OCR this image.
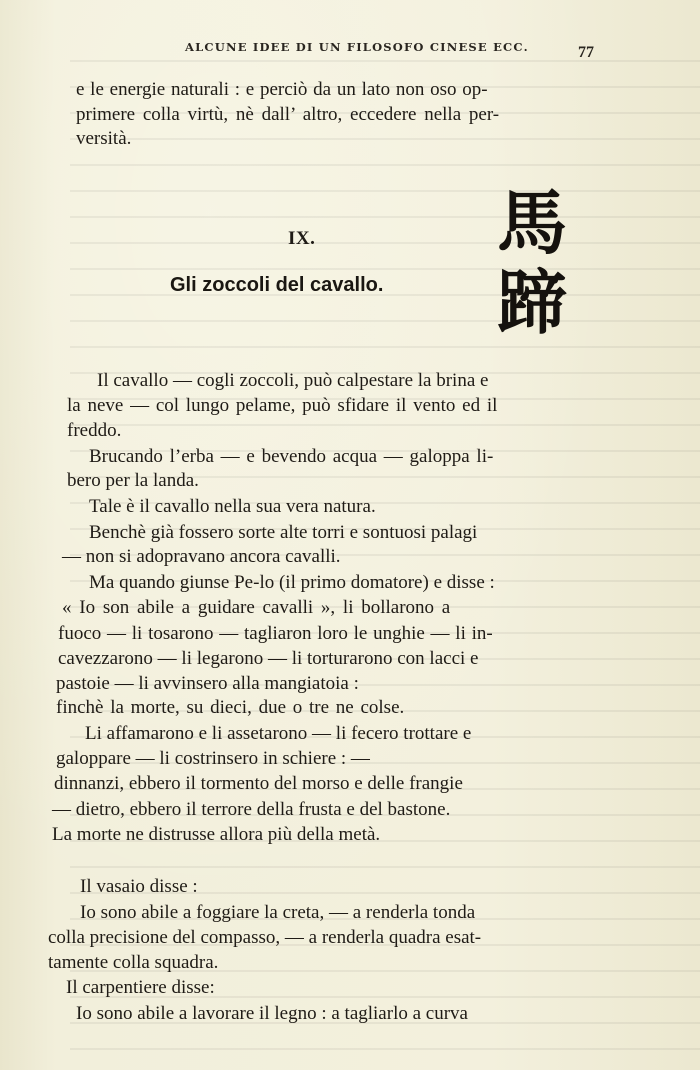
ALCUNE IDEE DI UN FILOSOFO CINESE ECC.	77
e le energie naturali : e perciò da un lato non oso op-
primere colla virtù, nè dall’ altro, eccedere nella per-
versità.
IX.
Gli zoccoli del cavallo.
馬
蹄
Il cavallo — cogli zoccoli, può calpestare la brina e
la neve — col lungo pelame, può sfidare il vento ed il
freddo.
Brucando l’erba — e bevendo acqua — galoppa li-
bero per la landa.
Tale è il cavallo nella sua vera natura.
Benchè già fossero sorte alte torri e sontuosi palagi
— non si adopravano ancora cavalli.
Ma quando giunse Pe-lo (il primo domatore) e disse :
« Io son abile a guidare cavalli », li bollarono a
fuoco — li tosarono — tagliaron loro le unghie — li in-
cavezzarono — li legarono — li torturarono con lacci e
pastoie — li avvinsero alla mangiatoia :
finchè la morte, su dieci, due o tre ne colse.
Li affamarono e li assetarono — li fecero trottare e
galoppare — li costrinsero in schiere : —
dinnanzi, ebbero il tormento del morso e delle frangie
— dietro, ebbero il terrore della frusta e del bastone.
La morte ne distrusse allora più della metà.
Il vasaio disse :
Io sono abile a foggiare la creta, — a renderla tonda
colla precisione del compasso, — a renderla quadra esat-
tamente colla squadra.
Il carpentiere disse:
Io sono abile a lavorare il legno : a tagliarlo a curva
